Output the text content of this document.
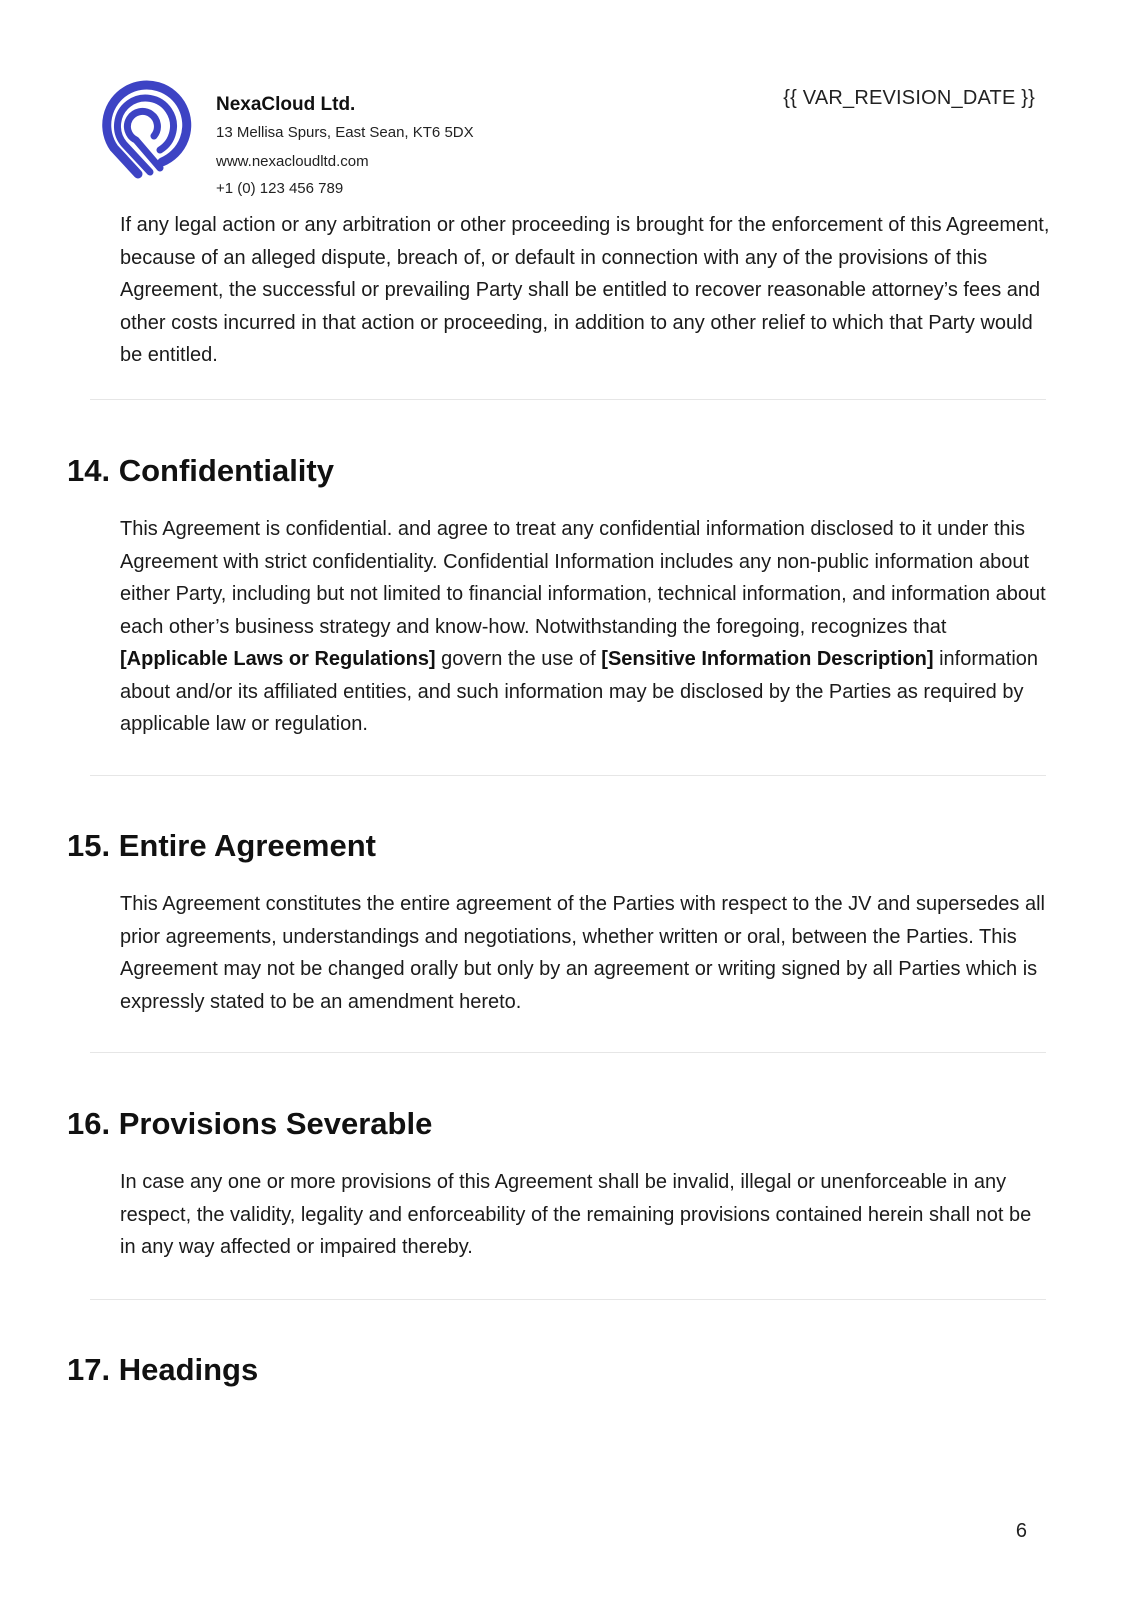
NexaCloud Ltd.

13 Mellisa Spurs, East Sean, KT6 5DX

www.nexacloudltd.com

+1 (0) 123 456 789

{{ VAR_REVISION_DATE }}

If any legal action or any arbitration or other proceeding is brought for the enforcement of this Agreement, because of an alleged dispute, breach of, or default in connection with any of the provisions of this Agreement, the successful or prevailing Party shall be entitled to recover reasonable attorney’s fees and other costs incurred in that action or proceeding, in addition to any other relief to which that Party would be entitled.

14. Confidentiality

This Agreement is confidential. and agree to treat any confidential information disclosed to it under this Agreement with strict confidentiality. Confidential Information includes any non-public information about either Party, including but not limited to financial information, technical information, and information about each other’s business strategy and know-how. Notwithstanding the foregoing, recognizes that [Applicable Laws or Regulations] govern the use of [Sensitive Information Description] information about and/or its affiliated entities, and such information may be disclosed by the Parties as required by applicable law or regulation.

15. Entire Agreement

This Agreement constitutes the entire agreement of the Parties with respect to the JV and supersedes all prior agreements, understandings and negotiations, whether written or oral, between the Parties. This Agreement may not be changed orally but only by an agreement or writing signed by all Parties which is expressly stated to be an amendment hereto.

16. Provisions Severable

In case any one or more provisions of this Agreement shall be invalid, illegal or unenforceable in any respect, the validity, legality and enforceability of the remaining provisions contained herein shall not be in any way affected or impaired thereby.

17. Headings
6
